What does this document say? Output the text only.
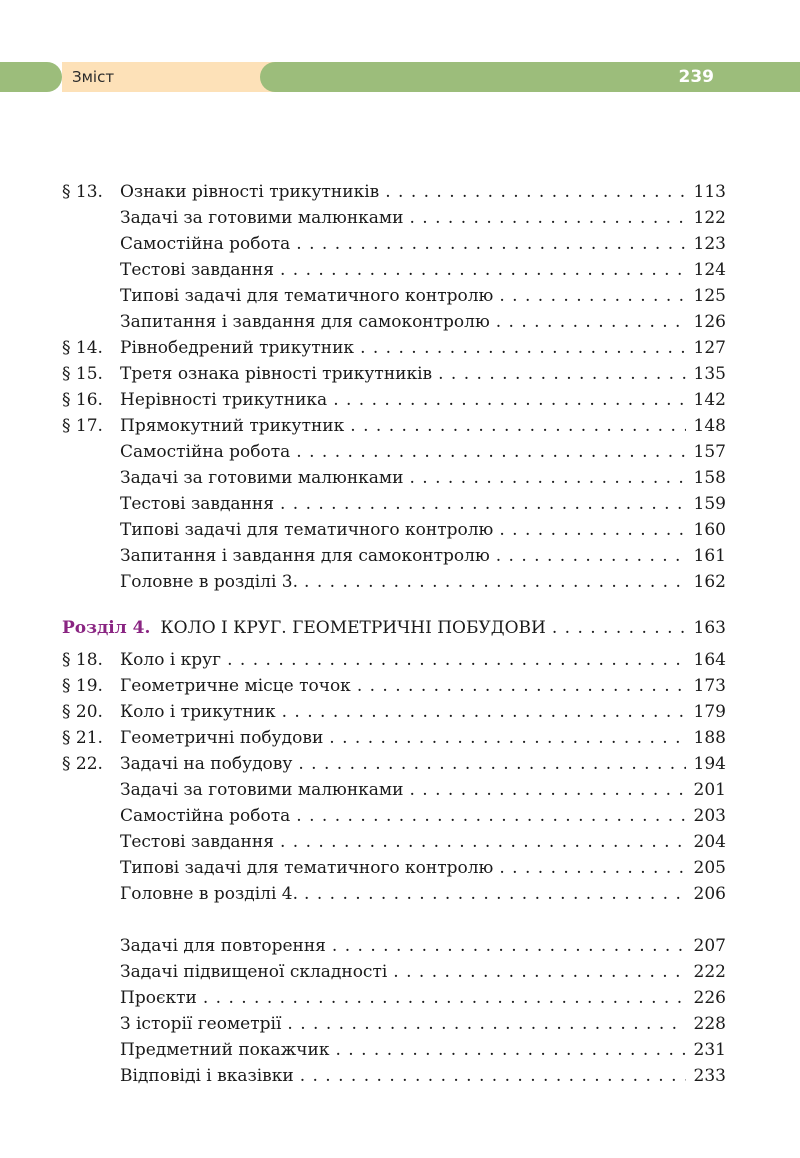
Зміст	239
§ 13.	Ознаки рівності трикутників . . .	113
Задачі за готовими малюнками . . .	122
Самостійна робота . . .	123
Тестові завдання . . .	124
Типові задачі для тематичного контролю . . .	125
Запитання і завдання для самоконтролю . . .	126
§ 14.	Рівнобедрений трикутник . . .	127
§ 15.	Третя ознака рівності трикутників . . .	135
§ 16.	Нерівності трикутника . . .	142
§ 17.	Прямокутний трикутник . . .	148
Самостійна робота . . .	157
Задачі за готовими малюнками . . .	158
Тестові завдання . . .	159
Типові задачі для тематичного контролю . . .	160
Запитання і завдання для самоконтролю . . .	161
Головне в розділі 3. . . .	162
Розділ 4. КОЛО І КРУГ. ГЕОМЕТРИЧНІ ПОБУДОВИ . . .	163
§ 18.	Коло і круг . . .	164
§ 19.	Геометричне місце точок . . .	173
§ 20.	Коло і трикутник . . .	179
§ 21.	Геометричні побудови . . .	188
§ 22.	Задачі на побудову . . .	194
Задачі за готовими малюнками . . .	201
Самостійна робота . . .	203
Тестові завдання . . .	204
Типові задачі для тематичного контролю . . .	205
Головне в розділі 4. . . .	206
Задачі для повторення . . .	207
Задачі підвищеної складності . . .	222
Проєкти . . .	226
З історії геометрії . . .	228
Предметний покажчик . . .	231
Відповіді і вказівки . . .	233
